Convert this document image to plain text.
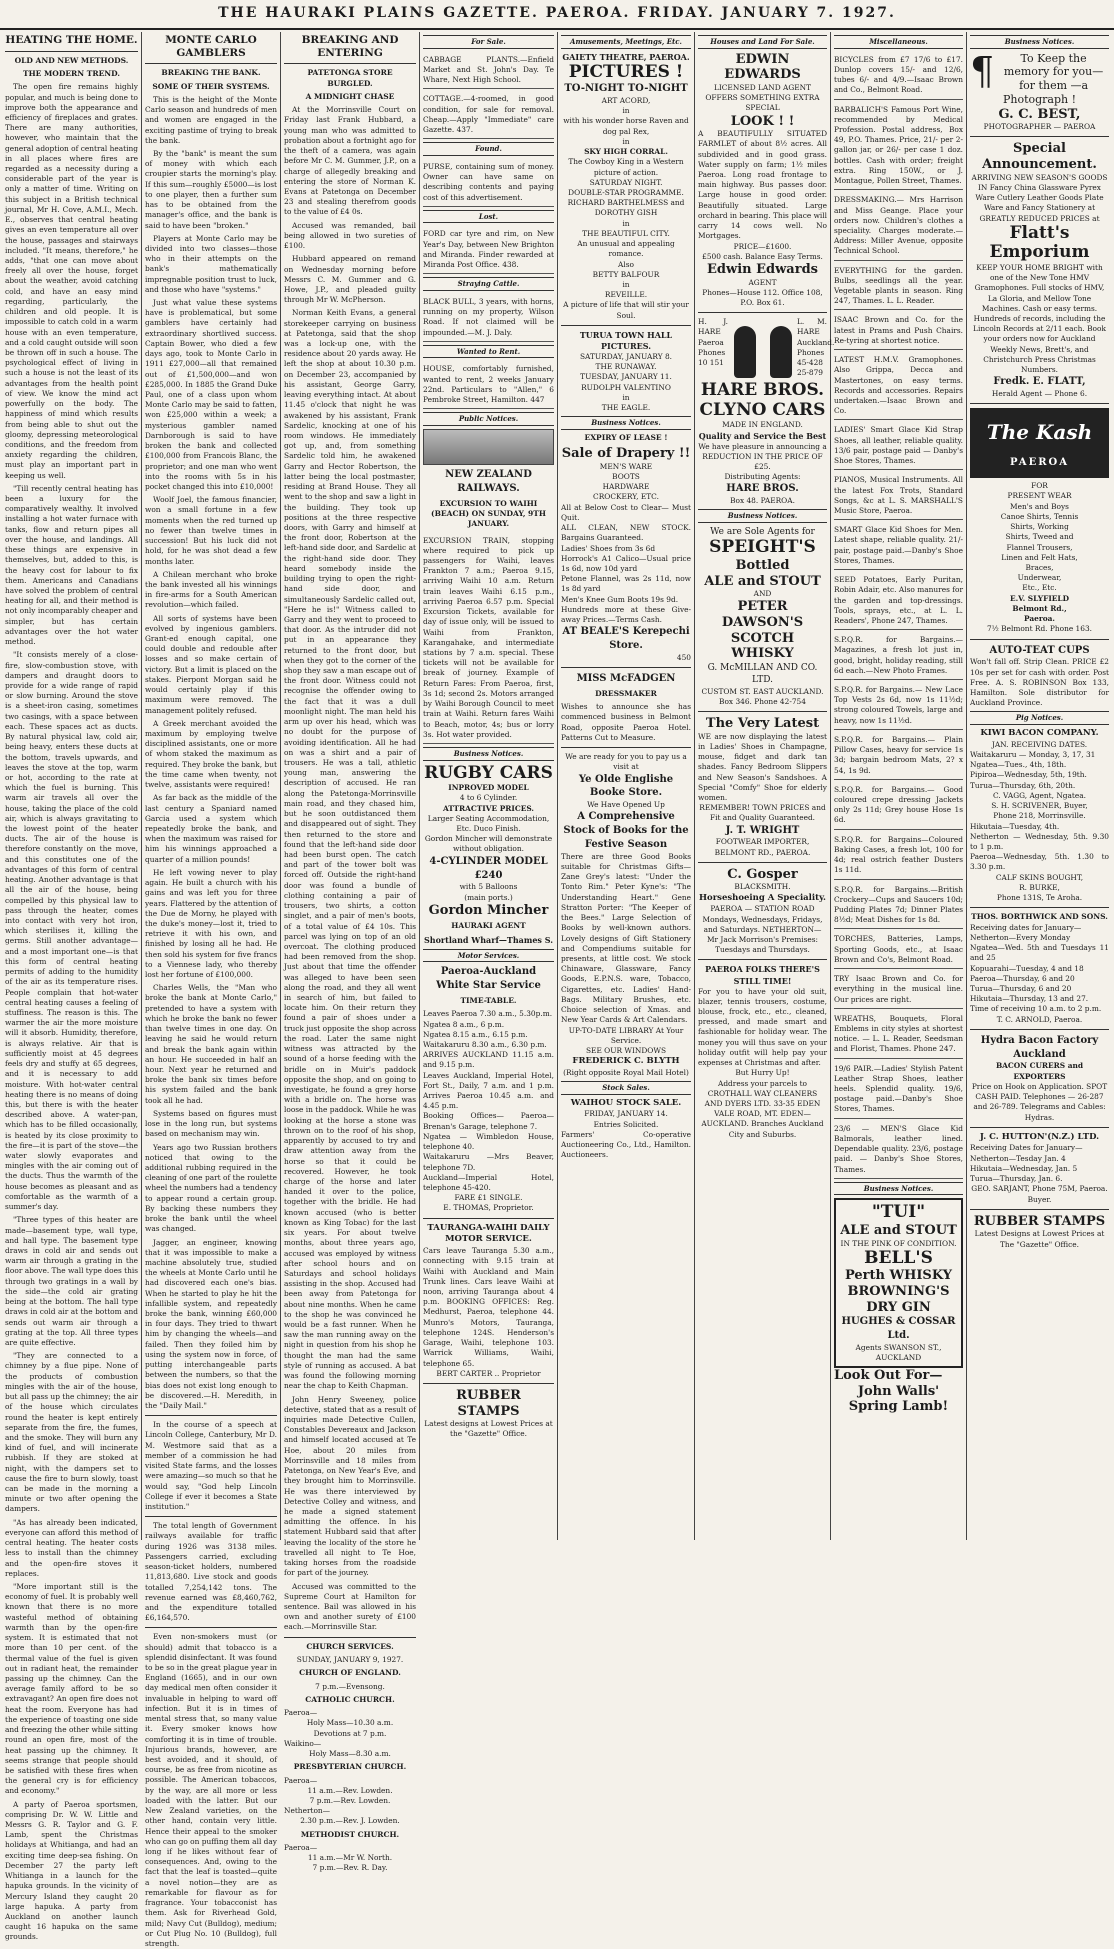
THE HAURAKI PLAINS GAZETTE. PAEROA. FRIDAY. JANUARY 7. 1927.
HEATING THE HOME.
OLD AND NEW METHODS.
THE MODERN TREND.

The open fire remains highly popular, and much is being done to improve both the appearance and efficiency of fireplaces and grates. There are many authorities, however, who maintain that the general adoption of central heating in all places where fires are regarded as a necessity during a considerable part of the year is only a matter of time. Writing on this subject in a British technical journal, Mr H. Cove, A.M.I., Mech. E., observes that central heating gives an even temperature all over the house, passages and stairways included. "It means, therefore," he adds, "that one can move about freely all over the house, forget about the weather, avoid catching cold, and have an easy mind regarding, particularly, the children and old people. It is impossible to catch cold in a warm house with an even temperature, and a cold caught outside will soon be thrown off in such a house. The psychological effect of living in such a house is not the least of its advantages from the health point of view. We know the mind act powerfully on the body. The happiness of mind which results from being able to shut out the gloomy, depressing meteorological conditions, and the freedom from anxiety regarding the children, must play an important part in keeping us well.

"Till recently central heating has been a luxury for the comparatively wealthy. It involved installing a hot water furnace with tanks, flow and return pipes all over the house, and landings. All these things are expensive in themselves, but, added to this, is the heavy cost for labour to fix them. Americans and Canadians have solved the problem of central heating for all, and their method is not only incomparably cheaper and simpler, but has certain advantages over the hot water method.

"It consists merely of a close-fire, slow-combustion stove, with dampers and draught doors to provide for a wide range of rapid or slow burning. Around the stove is a sheet-iron casing, sometimes two casings, with a space between each. These spaces act as ducts. By natural physical law, cold air, being heavy, enters these ducts at the bottom, travels upwards, and leaves the stove at the top, warm or hot, according to the rate at which the fuel is burning. This warm air travels all over the house, taking the place of the cold air, which is always gravitating to the lowest point of the heater ducts. The air of the house is therefore constantly on the move, and this constitutes one of the advantages of this form of central heating. Another advantage is that all the air of the house, being compelled by this physical law to pass through the heater, comes into contact with very hot iron, which sterilises it, killing the germs. Still another advantage—and a most important one—is that this form of central heating permits of adding to the humidity of the air as its temperature rises. People complain that hot-water central heating causes a feeling of stuffiness. The reason is this. The warmer the air the more moisture will it absorb. Humidity, therefore, is always relative. Air that is sufficiently moist at 45 degrees feels dry and stuffy at 65 degrees, and it is necessary to add moisture. With hot-water central heating there is no means of doing this, but there is with the heater described above. A water-pan, which has to be filled occasionally, is heated by its close proximity to the fire—it is part of the stove—the water slowly evaporates and mingles with the air coming out of the ducts. Thus the warmth of the house becomes as pleasant and as comfortable as the warmth of a summer's day.

"Three types of this heater are made—basement type, wall type, and hall type. The basement type draws in cold air and sends out warm air through a grating in the floor above. The wall type does this through two gratings in a wall by the side—the cold air grating being at the bottom. The hall type draws in cold air at the bottom and sends out warm air through a grating at the top. All three types are quite effective.

"They are connected to a chimney by a flue pipe. None of the products of combustion mingles with the air of the house, but all pass up the chimney; the air of the house which circulates round the heater is kept entirely separate from the fire, the fumes, and the smoke. They will burn any kind of fuel, and will incinerate rubbish. If they are stoked at night, with the dampers set to cause the fire to burn slowly, toast can be made in the morning a minute or two after opening the dampers.

"As has already been indicated, everyone can afford this method of central heating. The heater costs less to install than the chimney and the open-fire stoves it replaces.

"More important still is the economy of fuel. It is probably well known that there is no more wasteful method of obtaining warmth than by the open-fire system. It is estimated that not more than 10 per cent. of the thermal value of the fuel is given out in radiant heat, the remainder passing up the chimney. Can the average family afford to be so extravagant? An open fire does not heat the room. Everyone has had the experience of toasting one side and freezing the other while sitting round an open fire, most of the heat passing up the chimney. It seems strange that people should be satisfied with these fires when the general cry is for efficiency and economy."

A party of Paeroa sportsmen, comprising Dr. W. W. Little and Messrs G. R. Taylor and G. F. Lamb, spent the Christmas holidays at Whitianga, and had an exciting time deep-sea fishing. On December 27 the party left Whitianga in a launch for the hapuka grounds. In the vicinity of Mercury Island they caught 20 large hapuka. A party from Auckland on another launch caught 16 hapuka on the same grounds.

MONTE CARLO GAMBLERS
BREAKING THE BANK.
SOME OF THEIR SYSTEMS.

This is the height of the Monte Carlo season and hundreds of men and women are engaged in the exciting pastime of trying to break the bank.

By the "bank" is meant the sum of money with which each croupier starts the morning's play. If this sum—roughly £5000—is lost to one player, then a further sum has to be obtained from the manager's office, and the bank is said to have been "broken."

Players at Monte Carlo may be divided into two classes—those who in their attempts on the bank's mathematically impregnable position trust to luck, and those who have "systems."

Just what value these systems have is problematical, but some gamblers have certainly had extraordinary shortlived success. Captain Bower, who died a few days ago, took to Monte Carlo in 1911 £27,000—all that remained out of £1,500,000—and won £285,000. In 1885 the Grand Duke Paul, one of a class upon whom Monte Carlo may be said to fatten, won £25,000 within a week; a mysterious gambler named Darnborough is said to have broken the bank and collected £100,000 from Francois Blanc, the proprietor; and one man who went into the rooms with 5s in his pocket changed this into £10,000!

Woolf Joel, the famous financier, won a small fortune in a few moments when the red turned up no fewer than twelve times in succession! But his luck did not hold, for he was shot dead a few months later.

A Chilean merchant who broke the bank invested all his winnings in fire-arms for a South American revolution—which failed.

All sorts of systems have been evolved by ingenious gamblers. Grant-ed enough capital, one could double and redouble after losses and so make certain of victory. But a limit is placed on the stakes. Pierpont Morgan said he would certainly play if this maximum were removed. The management politely refused.

A Greek merchant avoided the maximum by employing twelve disciplined assistants, one or more of whom staked the maximum as required. They broke the bank, but the time came when twenty, not twelve, assistants were required!

As far back as the middle of the last century a Spaniard named Garcia used a system which repeatedly broke the bank, and when the maximum was raised for him his winnings approached a quarter of a million pounds!

He left vowing never to play again. He built a church with his gains and was left you for three years. Flattered by the attention of the Due de Morny, he played with the duke's money—lost it, tried to retrieve it with his own, and finished by losing all he had. He then sold his system for five francs to a Viennese lady, who thereby lost her fortune of £100,000.

Charles Wells, the "Man who broke the bank at Monte Carlo," pretended to have a system with which he broke the bank no fewer than twelve times in one day. On leaving he said he would return and break the bank again within an hour. He succeeded in half an hour. Next year he returned and broke the bank six times before his system failed and the bank took all he had.

Systems based on figures must lose in the long run, but systems based on mechanism may win.

Years ago two Russian brothers noticed that owing to the additional rubbing required in the cleaning of one part of the roulette wheel the numbers had a tendency to appear round a certain group. By backing these numbers they broke the bank until the wheel was changed.

Jagger, an engineer, knowing that it was impossible to make a machine absolutely true, studied the wheels at Monte Carlo until he had discovered each one's bias. When he started to play he hit the infallible system, and repeatedly broke the bank, winning £60,000 in four days. They tried to thwart him by changing the wheels—and failed. Then they foiled him by using the system now in force, of putting interchangeable parts between the numbers, so that the bias does not exist long enough to be discovered.—H. Meredith, in the "Daily Mail."

In the course of a speech at Lincoln College, Canterbury, Mr D. M. Westmore said that as a member of a commission he had visited State farms, and the losses were amazing—so much so that he would say, "God help Lincoln College if ever it becomes a State institution."

The total length of Government railways available for traffic during 1926 was 3138 miles. Passengers carried, excluding season-ticket holders, numbered 11,813,680. Live stock and goods totalled 7,254,142 tons. The revenue earned was £8,460,762, and the expenditure totalled £6,164,570.

Even non-smokers must (or should) admit that tobacco is a splendid disinfectant. It was found to be so in the great plague year in England (1665), and in our own day medical men often consider it invaluable in helping to ward off infection. But it is in times of mental stress that, so many value it. Every smoker knows how comforting it is in time of trouble. Injurious brands, however, are best avoided, and it should, of course, be as free from nicotine as possible. The American tobaccos, by the way, are all more or less loaded with the latter. But our New Zealand varieties, on the other hand, contain very little. Hence their appeal to the smoker who can go on puffing them all day long if he likes without fear of consequences. And, owing to the fact that the leaf is toasted—quite a novel notion—they are as remarkable for flavour as for fragrance. Your tobacconist has them. Ask for Riverhead Gold, mild; Navy Cut (Bulldog), medium; or Cut Plug No. 10 (Bulldog), full strength.

BREAKING AND ENTERING
PATETONGA STORE BURGLED.
A MIDNIGHT CHASE

At the Morrinsville Court on Friday last Frank Hubbard, a young man who was admitted to probation about a fortnight ago for the theft of a camera, was again before Mr C. M. Gummer, J.P., on a charge of allegedly breaking and entering the store of Norman K. Evans at Patetonga on December 23 and stealing therefrom goods to the value of £4 0s.

Accused was remanded, bail being allowed in two sureties of £100.

Hubbard appeared on remand on Wednesday morning before Messrs C. M. Gummer and G. Howe, J.P., and pleaded guilty through Mr W. McPherson.

Norman Keith Evans, a general storekeeper carrying on business at Patetonga, said that the shop was a lock-up one, with the residence about 20 yards away. He left the shop at about 10.30 p.m. on December 23, accompanied by his assistant, George Garry, leaving everything intact. At about 11.45 o'clock that night he was awakened by his assistant, Frank Sardelic, knocking at one of his room windows. He immediately got up, and, from something Sardelic told him, he awakened Garry and Hector Robertson, the latter being the local postmaster, residing at Brand House. They all went to the shop and saw a light in the building. They took up positions at the three respective doors, with Garry and himself at the front door, Robertson at the left-hand side door, and Sardelic at the right-hand side door. They heard somebody inside the building trying to open the right-hand side door, and simultaneously Sardelic called out, "Here he is!" Witness called to Garry and they went to proceed to that door. As the intruder did not put in an appearance they returned to the front door, but when they got to the corner of the shop they saw a man escape out of the front door. Witness could not recognise the offender owing to the fact that it was a dull moonlight night. The man held his arm up over his head, which was no doubt for the purpose of avoiding identification. All he had on was a shirt and a pair of trousers. He was a tall, athletic young man, answering the description of accused. He ran along the Patetonga-Morrinsville main road, and they chased him, but he soon outdistanced them and disappeared out of sight. They then returned to the store and found that the left-hand side door had been burst open. The catch and part of the tower bolt was forced off. Outside the right-hand door was found a bundle of clothing containing a pair of trousers, two shirts, a cotton singlet, and a pair of men's boots, of a total value of £4 10s. This parcel was lying on top of an old overcoat. The clothing produced had been removed from the shop. Just about that time the offender was alleged to have been seen along the road, and they all went in search of him, but failed to locate him. On their return they found a pair of shoes under a truck just opposite the shop across the road. Later the same night witness was attracted by the sound of a horse feeding with the bridle on in Muir's paddock opposite the shop, and on going to investigate, he found a grey horse with a bridle on. The horse was loose in the paddock. While he was looking at the horse a stone was thrown on to the roof of his shop, apparently by accused to try and draw attention away from the horse so that it could be recovered. However, he took charge of the horse and later handed it over to the police, together with the bridle. He had known accused (who is better known as King Tobac) for the last six years. For about twelve months, about three years ago, accused was employed by witness after school hours and on Saturdays and school holidays assisting in the shop. Accused had been away from Patetonga for about nine months. When he came to the shop he was convinced he would be a fast runner. When he saw the man running away on the night in question from his shop he thought the man had the same style of running as accused. A bat was found the following morning near the chap to Keith Chapman.

John Henry Sweeney, police detective, stated that as a result of inquiries made Detective Cullen, Constables Devereaux and Jackson and himself located accused at Te Hoe, about 20 miles from Morrinsville and 18 miles from Patetonga, on New Year's Eve, and they brought him to Morrinsville. He was there interviewed by Detective Colley and witness, and he made a signed statement admitting the offence. In his statement Hubbard said that after leaving the locality of the store he travelled all night to Te Hoe, taking horses from the roadside for part of the journey.

Accused was committed to the Supreme Court at Hamilton for sentence. Bail was allowed in his own and another surety of £100 each.—Morrinsville Star.

CHURCH SERVICES.
SUNDAY, JANUARY 9, 1927.
CHURCH OF ENGLAND.
7 p.m.—Evensong.
CATHOLIC CHURCH.
Paeroa—
Holy Mass—10.30 a.m.
Devotions at 7 p.m.
Waikino—
Holy Mass—8.30 a.m.
PRESBYTERIAN CHURCH.
Paeroa—
11 a.m.—Rev. Lowden.
7 p.m.—Rev. Lowden.
Netherton—
2.30 p.m.—Rev. J. Lowden.
METHODIST CHURCH.
Paeroa—
11 a.m.—Mr W. North.
7 p.m.—Rev. R. Day.
For Sale.
CABBAGE PLANTS.—Enfield Market and St. John's Day. Te Whare, Next High School.
COTTAGE.—4-roomed, in good condition, for sale for removal. Cheap.—Apply "Immediate" care Gazette. 437.
Found.
PURSE, containing sum of money. Owner can have same on describing contents and paying cost of this advertisement.
Lost.
FORD car tyre and rim, on New Year's Day, between New Brighton and Miranda. Finder rewarded at Miranda Post Office. 438.
Straying Cattle.
BLACK BULL, 3 years, with horns, running on my property, Wilson Road. If not claimed will be impounded.—M. J. Daly.
Wanted to Rent.
HOUSE, comfortably furnished, wanted to rent, 2 weeks January 22nd. Particulars to "Allen," 6 Pembroke Street, Hamilton. 447
Public Notices.
NEW ZEALAND RAILWAYS.
EXCURSION TO WAIHI (BEACH) ON SUNDAY, 9TH JANUARY.
EXCURSION TRAIN, stopping where required to pick up passengers for Waihi, leaves Frankton 7 a.m.; Paeroa 9.15, arriving Waihi 10 a.m. Return train leaves Waihi 6.15 p.m., arriving Paeroa 6.57 p.m. Special Excursion Tickets, available for day of issue only, will be issued to Waihi from Frankton, Karangahake, and intermediate stations by 7 a.m. special. These tickets will not be available for break of journey. Example of Return Fares: From Paeroa, first, 3s 1d; second 2s. Motors arranged by Waihi Borough Council to meet train at Waihi. Return fares Waihi to Beach, motor, 4s; bus or lorry 3s. Hot water provided.
Business Notices.
RUGBY CARS
INPROVED MODEL
4 to 6 Cylinder.
ATTRACTIVE PRICES.
Larger Seating Accommodation, Etc. Duco Finish.
Gordon Mincher will demonstrate without obligation.
4-CYLINDER MODEL £240
with 5 Balloons
(main ports.)
Gordon Mincher
HAURAKI AGENT
Shortland Wharf—Thames S.
Motor Services.
Paeroa-Auckland White Star Service
TIME-TABLE.
Leaves Paeroa 7.30 a.m., 5.30p.m.
Ngatea 8 a.m., 6 p.m.
Ngatea 8.15 a.m., 6.15 p.m.
Waitakaruru 8.30 a.m., 6.30 p.m.
ARRIVES AUCKLAND 11.15 a.m. and 9.15 p.m.
Leaves Auckland, Imperial Hotel, Fort St., Daily, 7 a.m. and 1 p.m. Arrives Paeroa 10.45 a.m. and 4.45 p.m.
Booking Offices— Paeroa—Brenan's Garage, telephone 7.
Ngatea — Wimbledon House, telephone 40.
Waitakaruru —Mrs Beaver, telephone 7D.
Auckland—Imperial Hotel, telephone 45-420.
FARE £1 SINGLE.
E. THOMAS, Proprietor.
TAURANGA-WAIHI DAILY MOTOR SERVICE.
Cars leave Tauranga 5.30 a.m., connecting with 9.15 train at Waihi with Auckland and Main Trunk lines. Cars leave Waihi at noon, arriving Tauranga about 4 p.m. BOOKING OFFICES: Reg. Medhurst, Paeroa, telephone 44. Munro's Motors, Tauranga, telephone 124S. Henderson's Garage, Waihi, telephone 103. Warrick Williams, Waihi, telephone 65.
BERT CARTER .. Proprietor
RUBBER STAMPS
Latest designs at Lowest Prices at the "Gazette" Office.
Amusements, Meetings, Etc.
GAIETY THEATRE, PAEROA.
PICTURES !
TO-NIGHT TO-NIGHT
ART ACORD,
in
with his wonder horse Raven and dog pal Rex,
in
SKY HIGH CORRAL.
The Cowboy King in a Western picture of action.
SATURDAY NIGHT.
DOUBLE-STAR PROGRAMME.
RICHARD BARTHELMESS and DOROTHY GISH
in
THE BEAUTIFUL CITY.
An unusual and appealing romance.
Also
BETTY BALFOUR
in
REVEILLE.
A picture of life that will stir your Soul.
TURUA TOWN HALL PICTURES.
SATURDAY, JANUARY 8.
THE RUNAWAY.
TUESDAY, JANUARY 11.
RUDOLPH VALENTINO
in
THE EAGLE.
Business Notices.
EXPIRY OF LEASE !
Sale of Drapery !!
MEN'S WARE
BOOTS
HARDWARE
CROCKERY, ETC.
All at Below Cost to Clear— Must Quit.
ALL CLEAN, NEW STOCK. Bargains Guaranteed.
Ladies' Shoes from 3s 6d
Horrock's A1 Calico—Usual price 1s 6d, now 10d yard
Petone Flannel, was 2s 11d, now 1s 8d yard
Men's Knee Gum Boots 19s 9d.
Hundreds more at these Give-away Prices.—Terms Cash.
AT BEALE'S Kerepechi Store.
450
MISS McFADGEN
DRESSMAKER
Wishes to announce she has commenced business in Belmont Road, opposite Paeroa Hotel. Patterns Cut to Measure.
We are ready for you to pay us a visit at
Ye Olde Englishe Booke Store.
We Have Opened Up
A Comprehensive Stock of Books for the Festive Season
There are three Good Books suitable for Christmas Gifts— Zane Grey's latest: "Under the Tonto Rim." Peter Kyne's: "The Understanding Heart." Gene Stratton Porter: "The Keeper of the Bees." Large Selection of Books by well-known authors. Lovely designs of Gift Stationery and Compendiums suitable for presents, at little cost. We stock Chinaware, Glassware, Fancy Goods, E.P.N.S. ware, Tobacco, Cigarettes, etc. Ladies' Hand-Bags. Military Brushes, etc. Choice selection of Xmas. and New Year Cards & Art Calendars.
UP-TO-DATE LIBRARY At Your Service.
SEE OUR WINDOWS
FREDERICK C. BLYTH
(Right opposite Royal Mail Hotel)
Stock Sales.
WAIHOU STOCK SALE.
FRIDAY, JANUARY 14.
Entries Solicited.
Farmers' Co-operative Auctioneering Co., Ltd., Hamilton. Auctioneers.
Houses and Land For Sale.
EDWIN EDWARDS
LICENSED LAND AGENT OFFERS SOMETHING EXTRA SPECIAL
LOOK ! !
A BEAUTIFULLY SITUATED FARMLET of about 8½ acres. All subdivided and in good grass. Water supply on farm; 1½ miles Paeroa. Long road frontage to main highway. Bus passes door. Large house in good order. Beautifully situated. Large orchard in bearing. This place will carry 14 cows well. No Mortgages.
PRICE—£1600.
£500 cash. Balance Easy Terms.
Edwin Edwards
AGENT
Phones—House 112. Office 108, P.O. Box 61.
H. J. HARE Paeroa Phones 10 151
L. M. HARE Auckland. Phones 45-428 25-879
HARE BROS.
CLYNO CARS
MADE IN ENGLAND.
Quality and Service the Best
We have pleasure in announcing a REDUCTION IN THE PRICE OF £25.
Distributing Agents:
HARE BROS.
Box 48. PAEROA.
Business Notices.
We are Sole Agents for
SPEIGHT'S
Bottled
ALE and STOUT
AND
PETER DAWSON'S
SCOTCH WHISKY
G. McMILLAN AND CO. LTD.
CUSTOM ST. EAST AUCKLAND.
Box 346. Phone 42-754
The Very Latest
WE are now displaying the latest in Ladies' Shoes in Champagne, mouse, fidget and dark tan shades. Fancy Bedroom Slippers and New Season's Sandshoes. A Special "Comfy" Shoe for elderly women.
REMEMBER! TOWN PRICES and Fit and Quality Guaranteed.
J. T. WRIGHT
FOOTWEAR IMPORTER, BELMONT RD., PAEROA.
C. Gosper
BLACKSMITH.
Horseshoeing A Speciality.
PAEROA — STATION ROAD Mondays, Wednesdays, Fridays, and Saturdays. NETHERTON— Mr Jack Morrison's Premises: Tuesdays and Thursdays.
PAEROA FOLKS THERE'S STILL TIME!
For you to have your old suit, blazer, tennis trousers, costume, blouse, frock, etc., etc., cleaned, pressed, and made smart and fashionable for holiday wear. The money you will thus save on your holiday outfit will help pay your expenses at Christmas and after.
But Hurry Up!
Address your parcels to CROTHALL WAY CLEANERS AND DYERS LTD. 33-35 EDEN VALE ROAD, MT. EDEN—AUCKLAND. Branches Auckland City and Suburbs.
Miscellaneous.
BICYCLES from £7 17/6 to £17. Dunlop covers 15/- and 12/6, tubes 6/- and 4/9.—Isaac Brown and Co., Belmont Road.
BARBALICH'S Famous Port Wine, recommended by Medical Profession. Postal address, Box 49, P.O. Thames. Price, 21/- per 2-gallon jar, or 26/- per case 1 doz. bottles. Cash with order; freight extra. Ring 150W., or J. Montague, Pollen Street, Thames.
DRESSMAKING.— Mrs Harrison and Miss Geange. Place your orders now. Children's clothes a speciality. Charges moderate.—Address: Miller Avenue, opposite Technical School.
EVERYTHING for the garden. Bulbs, seedlings all the year. Vegetable plants in season. Ring 247, Thames. L. L. Reader.
ISAAC Brown and Co. for the latest in Prams and Push Chairs. Re-tyring at shortest notice.
LATEST H.M.V. Gramophones. Also Grippa, Decca and Mastertones, on easy terms. Records and accessories. Repairs undertaken.—Isaac Brown and Co.
LADIES' Smart Glace Kid Strap Shoes, all leather, reliable quality. 13/6 pair, postage paid — Danby's Shoe Stores, Thames.
PIANOS, Musical Instruments. All the latest Fox Trots, Standard Songs, &c at L. S. MARSHALL'S Music Store, Paeroa.
SMART Glace Kid Shoes for Men. Latest shape, reliable quality. 21/- pair, postage paid.—Danby's Shoe Stores, Thames.
SEED Potatoes, Early Puritan, Robin Adair, etc. Also manures for the garden and top-dressings. Tools, sprays, etc., at L. L. Readers', Phone 247, Thames.
S.P.Q.R. for Bargains.— Magazines, a fresh lot just in, good, bright, holiday reading, still 6d each.—New Photo Frames.
S.P.Q.R. for Bargains.— New Lace Top Vests 2s 6d, now 1s 11½d; strong coloured Towels, large and heavy, now 1s 11½d.
S.P.Q.R. for Bargains.— Plain Pillow Cases, heavy for service 1s 3d; bargain bedroom Mats, 2? x 54, 1s 9d.
S.P.Q.R. for Bargains.— Good coloured crepe dressing Jackets only 2s 11d; Grey house Hose 1s 6d.
S.P.Q.R. for Bargains—Coloured Baking Cases, a fresh lot, 100 for 4d; real ostrich feather Dusters 1s 11d.
S.P.Q.R. for Bargains.—British Crockery—Cups and Saucers 10d; Pudding Plates 7d; Dinner Plates 8½d; Meat Dishes for 1s 8d.
TORCHES, Batteries, Lamps, Sporting Goods, etc., at Isaac Brown and Co's, Belmont Road.
TRY Isaac Brown and Co. for everything in the musical line. Our prices are right.
WREATHS, Bouquets, Floral Emblems in city styles at shortest notice. — L. L. Reader, Seedsman and Florist, Thames. Phone 247.
19/6 PAIR.—Ladies' Stylish Patent Leather Strap Shoes, leather heels. Splendid quality. 19/6, postage paid.—Danby's Shoe Stores, Thames.
23/6 — MEN'S Glace Kid Balmorals, leather lined. Dependable quality. 23/6, postage paid. — Danby's Shoe Stores, Thames.
Business Notices.
"TUI"
ALE and STOUT
IN THE PINK OF CONDITION.
BELL'S
Perth WHISKY
BROWNING'S
DRY GIN
HUGHES & COSSAR Ltd.
Agents SWANSON ST., AUCKLAND
Look Out For—
John Walls' Spring Lamb!
Business Notices.
¶	To Keep the memory for you—for them —a Photograph !
G. C. BEST,
PHOTOGRAPHER — PAEROA
Special Announcement.
ARRIVING NEW SEASON'S GOODS IN Fancy China Glassware Pyrex Ware Cutlery Leather Goods Plate Ware and Fancy Stationery at GREATLY REDUCED PRICES at
Flatt's Emporium
KEEP YOUR HOME BRIGHT with one of the New Tone HMV Gramophones. Full stocks of HMV, La Gloria, and Mellow Tone Machines. Cash or easy terms. Hundreds of records, including the Lincoln Records at 2/11 each. Book your orders now for Auckland Weekly News, Brett's, and Christchurch Press Christmas Numbers.
Fredk. E. FLATT,
Herald Agent — Phone 6.
The Kash
PAEROA
FOR
PRESENT WEAR
Men's and Boys
Canoe Shirts, Tennis
Shirts, Working
Shirts, Tweed and
Flannel Trousers,
Linen and Felt Hats,
Braces,
Underwear,
Etc., Etc.
E.V. SLYFIELD
Belmont Rd.,
Paeroa.
7½ Belmont Rd. Phone 163.
AUTO-TEAT CUPS
Won't fall off. Strip Clean. PRICE £2 10s per set for cash with order. Post Free. A. S. ROBINSON Box 133, Hamilton. Sole distributor for Auckland Province.
Pig Notices.
KIWI BACON COMPANY.
JAN. RECEIVING DATES.
Waitakaruru — Monday, 3, 17, 31
Ngatea—Tues., 4th, 18th.
Pipiroa—Wednesday, 5th, 19th.
Turua—Thursday, 6th, 20th.
C. VAGG, Agent, Ngatea.
S. H. SCRIVENER, Buyer,
Phone 218, Morrinsville.
Hikutaia—Tuesday, 4th.
Netherton — Wednesday, 5th. 9.30 to 1 p.m.
Paeroa—Wednesday, 5th. 1.30 to 3.30 p.m.
CALF SKINS BOUGHT,
R. BURKE,
Phone 131S, Te Aroha.
THOS. BORTHWICK AND SONS.
Receiving dates for January—
Netherton—Every Monday
Ngatea—Wed. 5th and Tuesdays 11 and 25
Kopuarahi—Tuesday, 4 and 18
Paeroa—Thursday, 6 and 20
Turua—Thursday, 6 and 20
Hikutaia—Thursday, 13 and 27.
Time of receiving 10 a.m. to 2 p.m.
T. C. ARNOLD, Paeroa.
Hydra Bacon Factory Auckland
BACON CURERS and EXPORTERS
Price on Hook on Application. SPOT CASH PAID. Telephones — 26-287 and 26-789. Telegrams and Cables: Hydras.
J. C. HUTTON'(N.Z.) LTD.
Receiving Dates for January—
Netherton—Tesday Jan. 4
Hikutaia—Wednesday, Jan. 5
Turua—Thursday, Jan. 6.
GEO. SARJANT, Phone 75M, Paeroa. Buyer.
RUBBER STAMPS
Latest Designs at Lowest Prices at The "Gazette" Office.
